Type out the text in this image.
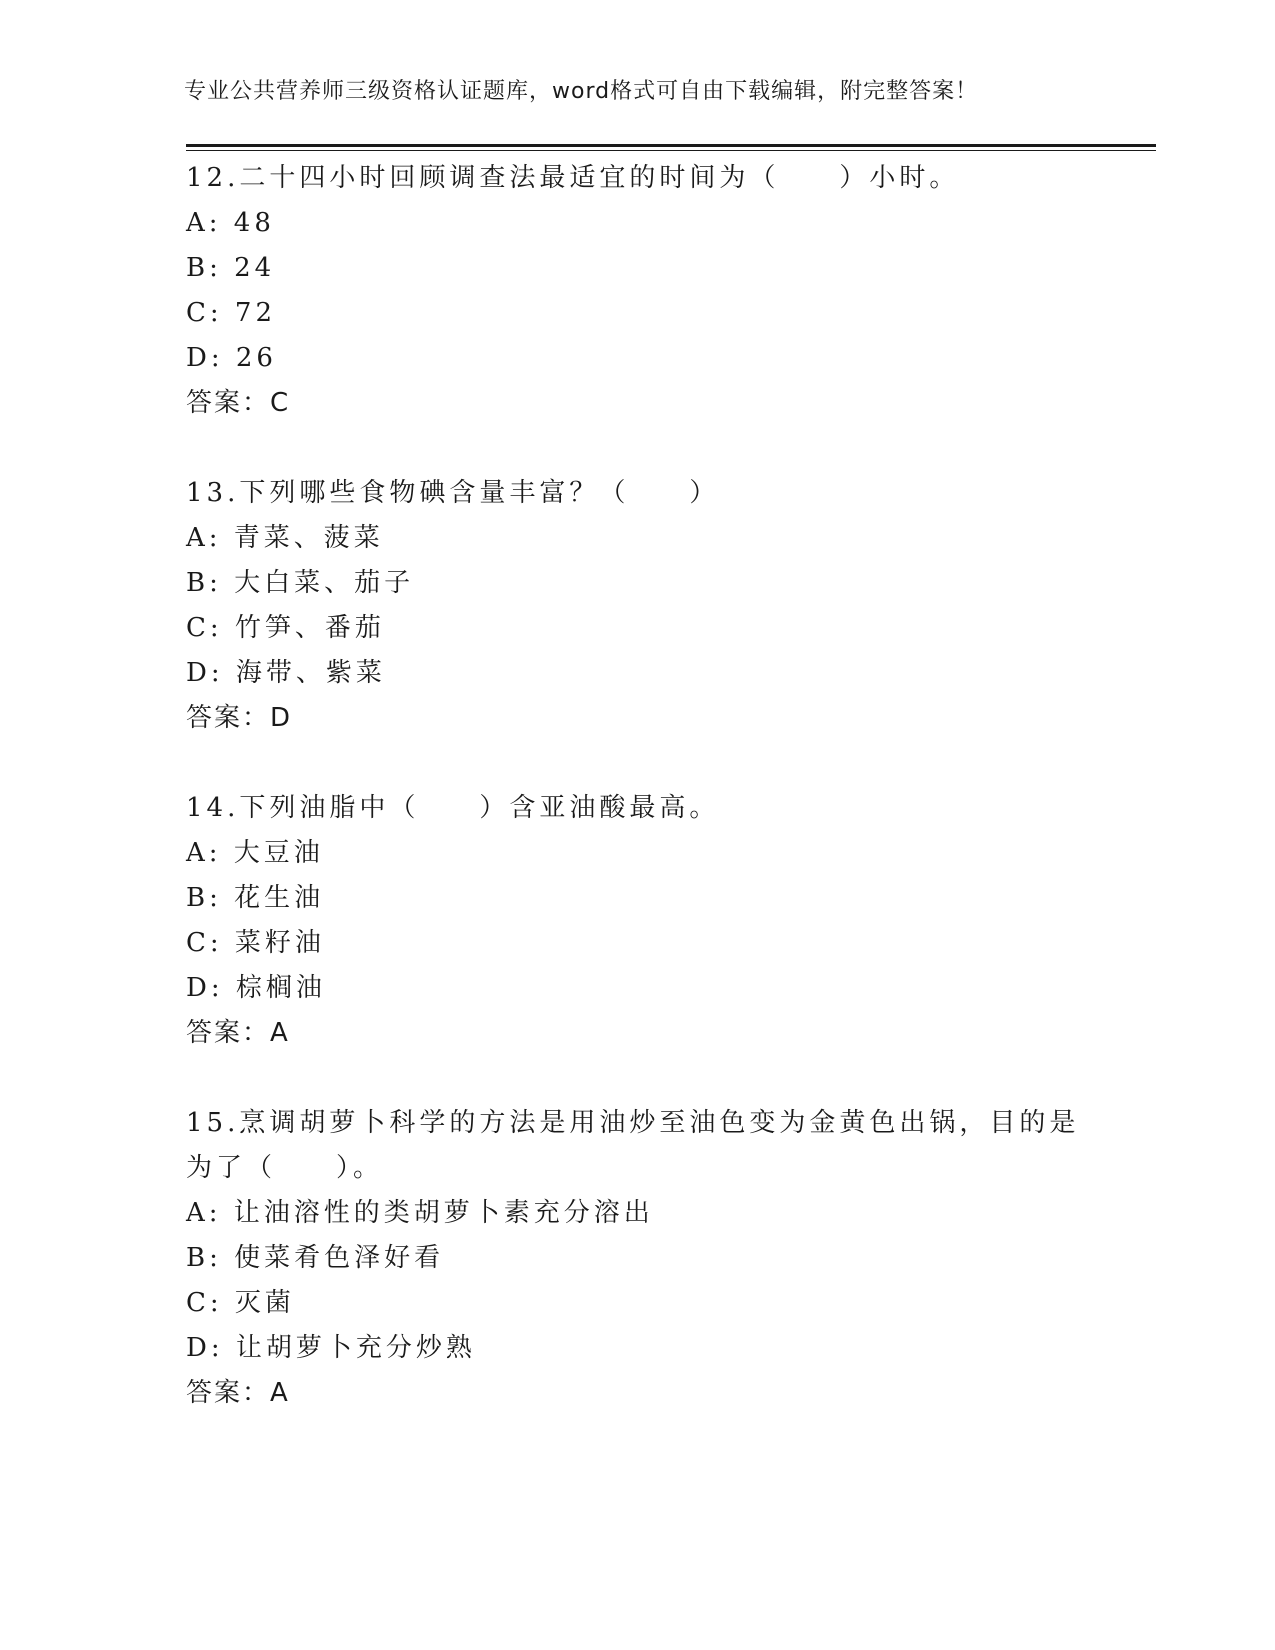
专业公共营养师三级资格认证题库，word格式可自由下载编辑，附完整答案！

12.二十四小时回顾调查法最适宜的时间为（　　）小时。

A: 48

B: 24

C: 72

D: 26

答案：C

13.下列哪些食物碘含量丰富？（　　）

A: 青菜、菠菜

B: 大白菜、茄子

C: 竹笋、番茄

D: 海带、紫菜

答案：D

14.下列油脂中（　　）含亚油酸最高。

A: 大豆油

B: 花生油

C: 菜籽油

D: 棕榈油

答案：A

15.烹调胡萝卜科学的方法是用油炒至油色变为金黄色出锅，目的是为了（　　）。

A: 让油溶性的类胡萝卜素充分溶出

B: 使菜肴色泽好看

C: 灭菌

D: 让胡萝卜充分炒熟

答案：A
